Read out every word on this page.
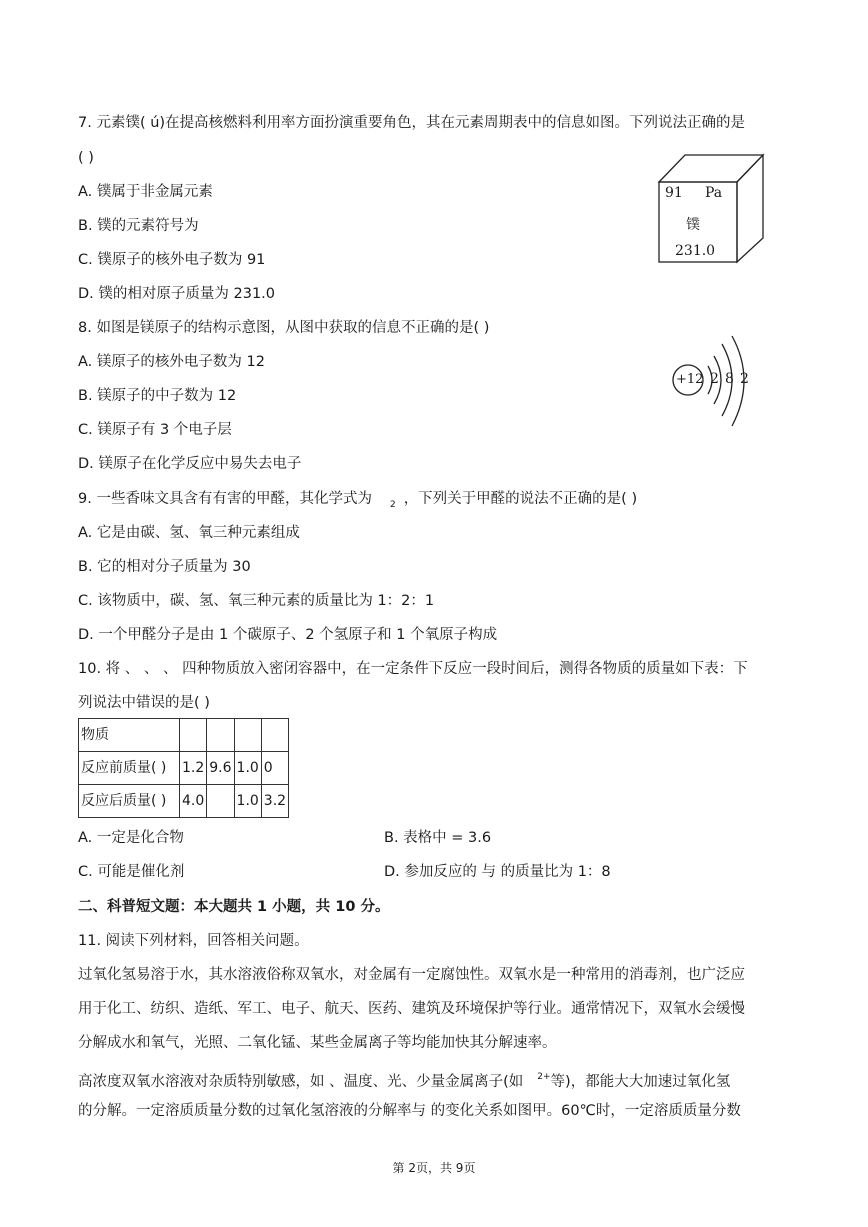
7. 元素镤( ú)在提高核燃料利用率方面扮演重要角色，其在元素周期表中的信息如图。下列说法正确的是
( )
A. 镤属于非金属元素
B. 镤的元素符号为
C. 镤原子的核外电子数为 91
D. 镤的相对原子质量为 231.0
91 Pa
镤
231.0
8. 如图是镁原子的结构示意图，从图中获取的信息不正确的是( )
A. 镁原子的核外电子数为 12
B. 镁原子的中子数为 12
C. 镁原子有 3 个电子层
D. 镁原子在化学反应中易失去电子
+12 2 8 2
9. 一些香味文具含有有害的甲醛，其化学式为 $_2$ ，下列关于甲醛的说法不正确的是( )
A. 它是由碳、氢、氧三种元素组成
B. 它的相对分子质量为 30
C. 该物质中，碳、氢、氧三种元素的质量比为 1：2：1
D. 一个甲醛分子是由 1 个碳原子、2 个氢原子和 1 个氧原子构成
10. 将 、 、 、 四种物质放入密闭容器中，在一定条件下反应一段时间后，测得各物质的质量如下表：下
列说法中错误的是( )
物质				
反应前质量( )	1.2	9.6	1.0	0
反应后质量( )	4.0		1.0	3.2
A. 一定是化合物	B. 表格中 = 3.6
C. 可能是催化剂	D. 参加反应的 与 的质量比为 1：8
二、科普短文题：本大题共 1 小题，共 10 分。
11. 阅读下列材料，回答相关问题。
过氧化氢易溶于水，其水溶液俗称双氧水，对金属有一定腐蚀性。双氧水是一种常用的消毒剂，也广泛应
用于化工、纺织、造纸、军工、电子、航天、医药、建筑及环境保护等行业。通常情况下，双氧水会缓慢
分解成水和氧气，光照、二氧化锰、某些金属离子等均能加快其分解速率。
高浓度双氧水溶液对杂质特别敏感，如 、温度、光、少量金属离子(如 $^{2+}$等)，都能大大加速过氧化氢
的分解。一定溶质质量分数的过氧化氢溶液的分解率与 的变化关系如图甲。60℃时，一定溶质质量分数
第 2页，共 9页
